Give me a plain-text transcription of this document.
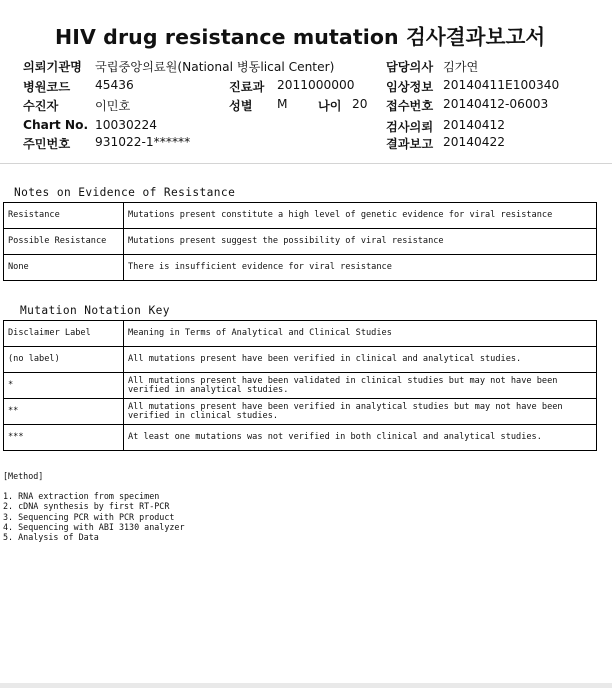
HIV drug resistance mutation 검사결과보고서
의뢰기관명 국립중앙의료원(National 병동lical Center)	담당의사 김가연
병원코드 45436	진료과 2011000000	임상정보 20140411E100340
수진자	이민호	성별 M 나이 20 접수번호 20140412-06003
Chart No. 10030224	검사의뢰 20140412
주민번호 931022-1******	결과보고 20140422
Notes on Evidence of Resistance
Resistance	Mutations present constitute a high level of genetic evidence for viral resistance
Possible Resistance	Mutations present suggest the possibility of viral resistance
None	There is insufficient evidence for viral resistance
Mutation Notation Key
Disclaimer Label	Meaning in Terms of Analytical and Clinical Studies
(no label)	All mutations present have been verified in clinical and analytical studies.
*	All mutations present have been validated in clinical studies but may not have been verified in analytical studies.
**	All mutations present have been verified in analytical studies but may not have been verified in clinical studies.
***	At least one mutations was not verified in both clinical and analytical studies.
[Method]
1. RNA extraction from specimen
2. cDNA synthesis by first RT-PCR
3. Sequencing PCR with PCR product
4. Sequencing with ABI 3130 analyzer
5. Analysis of Data
